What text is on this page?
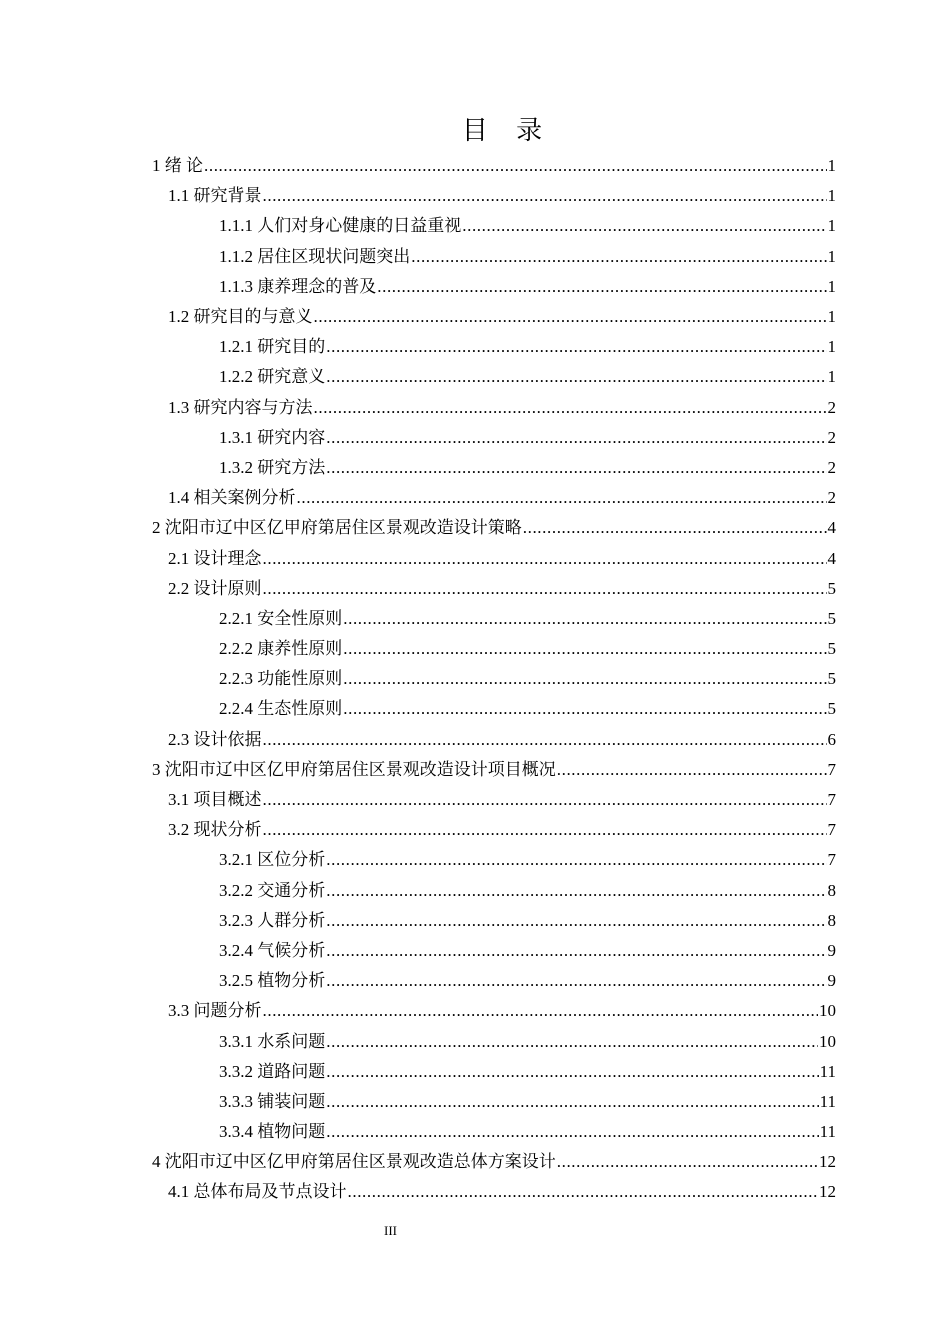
目 录
1 绪 论 .....	1
1.1 研究背景 .....	1
1.1.1 人们对身心健康的日益重视 .....	1
1.1.2 居住区现状问题突出 .....	1
1.1.3 康养理念的普及 .....	1
1.2 研究目的与意义 .....	1
1.2.1 研究目的 .....	1
1.2.2 研究意义 .....	1
1.3 研究内容与方法 .....	2
1.3.1 研究内容 .....	2
1.3.2 研究方法 .....	2
1.4 相关案例分析 .....	2
2 沈阳市辽中区亿甲府第居住区景观改造设计策略 .....	4
2.1 设计理念 .....	4
2.2 设计原则 .....	5
2.2.1 安全性原则 .....	5
2.2.2 康养性原则 .....	5
2.2.3 功能性原则 .....	5
2.2.4 生态性原则 .....	5
2.3 设计依据 .....	6
3 沈阳市辽中区亿甲府第居住区景观改造设计项目概况 .....	7
3.1 项目概述 .....	7
3.2 现状分析 .....	7
3.2.1 区位分析 .....	7
3.2.2 交通分析 .....	8
3.2.3 人群分析 .....	8
3.2.4 气候分析 .....	9
3.2.5 植物分析 .....	9
3.3 问题分析 .....	10
3.3.1 水系问题 .....	10
3.3.2 道路问题 .....	11
3.3.3 铺装问题 .....	11
3.3.4 植物问题 .....	11
4 沈阳市辽中区亿甲府第居住区景观改造总体方案设计 .....	12
4.1 总体布局及节点设计 .....	12
III
